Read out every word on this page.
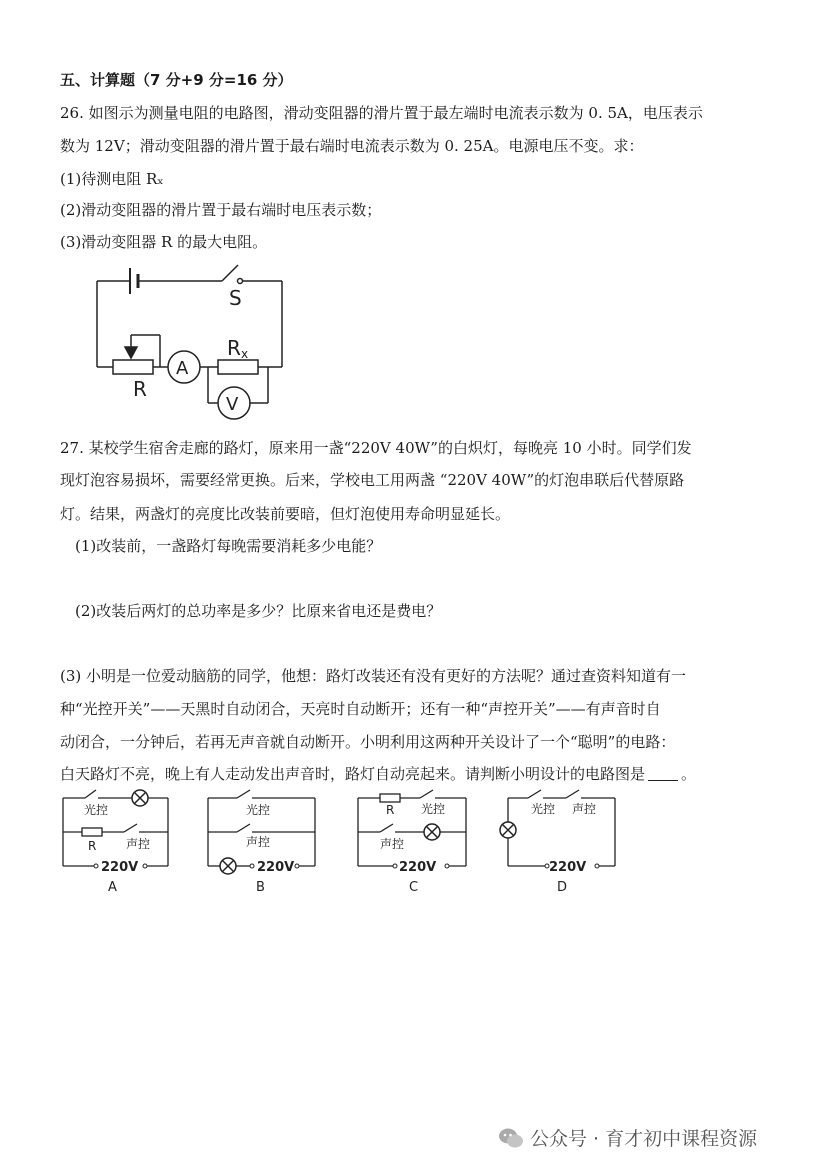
五、计算题（7 分+9 分=16 分）
26. 如图示为测量电阻的电路图，滑动变阻器的滑片置于最左端时电流表示数为 0. 5A，电压表示
数为 12V；滑动变阻器的滑片置于最右端时电流表示数为 0. 25A。电源电压不变。求：
(1)待测电阻 Rₓ
(2)滑动变阻器的滑片置于最右端时电压表示数；
(3)滑动变阻器 R 的最大电阻。
S
R
A
R x
V
27. 某校学生宿舍走廊的路灯，原来用一盏“220V 40W”的白炽灯，每晚亮 10 小时。同学们发
现灯泡容易损坏，需要经常更换。后来，学校电工用两盏 “220V 40W”的灯泡串联后代替原路
灯。结果，两盏灯的亮度比改装前要暗，但灯泡使用寿命明显延长。
(1)改装前，一盏路灯每晚需要消耗多少电能？
(2)改装后两灯的总功率是多少？比原来省电还是费电？
(3) 小明是一位爱动脑筋的同学，他想：路灯改装还有没有更好的方法呢？通过查资料知道有一
种“光控开关”——天黑时自动闭合，天亮时自动断开；还有一种“声控开关”——有声音时自
动闭合，一分钟后，若再无声音就自动断开。小明利用这两种开关设计了一个“聪明”的电路：
白天路灯不亮，晚上有人走动发出声音时，路灯自动亮起来。请判断小明设计的电路图是 。
光控
R 声控
220V
A
光控
声控
220V
B
R 光控
声控
220V
C
光控 声控
220V
D
公众号 · 育才初中课程资源
